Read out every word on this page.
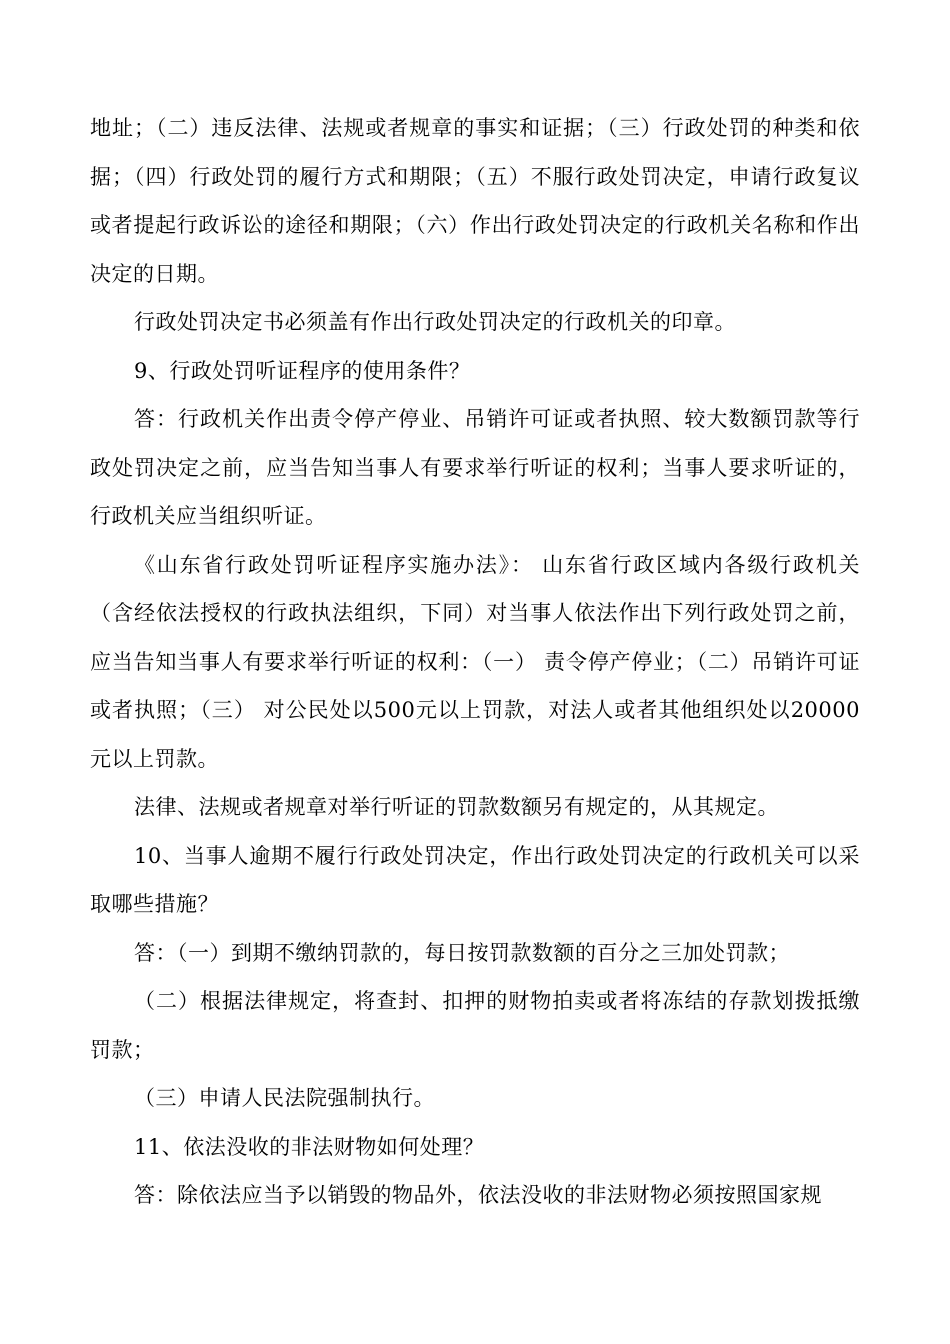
地址；（二）违反法律、法规或者规章的事实和证据；（三）行政处罚的种类和依据；（四）行政处罚的履行方式和期限；（五）不服行政处罚决定，申请行政复议或者提起行政诉讼的途径和期限；（六）作出行政处罚决定的行政机关名称和作出决定的日期。

行政处罚决定书必须盖有作出行政处罚决定的行政机关的印章。

9、行政处罚听证程序的使用条件？

答：行政机关作出责令停产停业、吊销许可证或者执照、较大数额罚款等行政处罚决定之前，应当告知当事人有要求举行听证的权利；当事人要求听证的，行政机关应当组织听证。

《山东省行政处罚听证程序实施办法》： 山东省行政区域内各级行政机关（含经依法授权的行政执法组织，下同）对当事人依法作出下列行政处罚之前，应当告知当事人有要求举行听证的权利：（一） 责令停产停业；（二）吊销许可证或者执照；（三） 对公民处以500元以上罚款，对法人或者其他组织处以20000元以上罚款。

法律、法规或者规章对举行听证的罚款数额另有规定的，从其规定。

10、当事人逾期不履行行政处罚决定，作出行政处罚决定的行政机关可以采取哪些措施？

答：（一）到期不缴纳罚款的，每日按罚款数额的百分之三加处罚款；

（二）根据法律规定，将查封、扣押的财物拍卖或者将冻结的存款划拨抵缴罚款；

（三）申请人民法院强制执行。

11、依法没收的非法财物如何处理？

答：除依法应当予以销毁的物品外，依法没收的非法财物必须按照国家规
